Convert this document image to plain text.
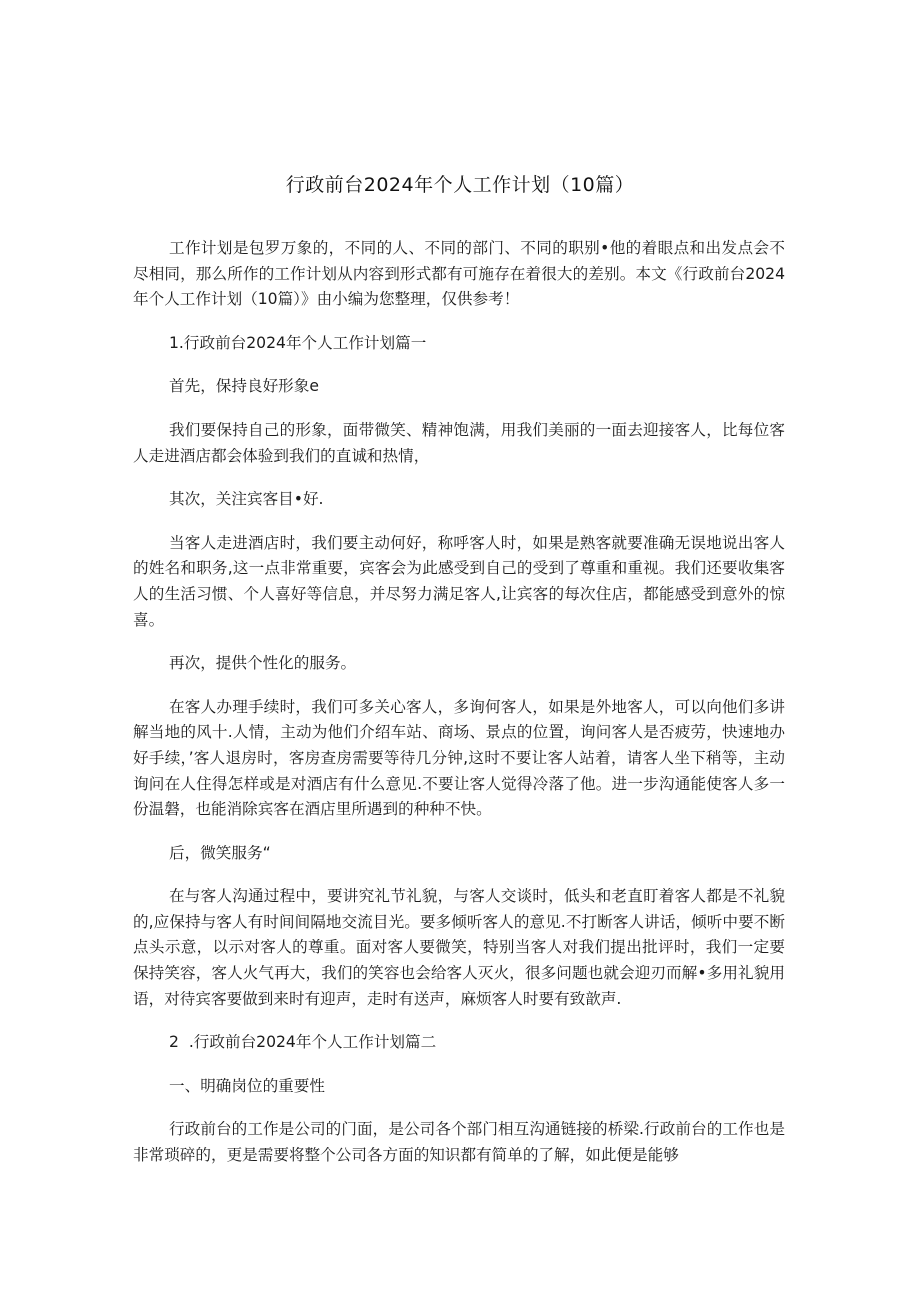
行政前台2024年个人工作计划（10篇）

工作计划是包罗万象的，不同的人、不同的部门、不同的职别•他的着眼点和出发点会不尽相同，那么所作的工作计划从内容到形式都有可施存在着很大的差别。本文《行政前台2024年个人工作计划（10篇）》由小编为您整理，仅供参考！

1.行政前台2024年个人工作计划篇一

首先，保持良好形象e

我们要保持自己的形象，面带微笑、精神饱满，用我们美丽的一面去迎接客人，比每位客人走进酒店都会体验到我们的直诚和热情，

其次，关注宾客目•好.

当客人走进酒店时，我们要主动何好，称呼客人时，如果是熟客就要准确无误地说出客人的姓名和职务,这一点非常重要，宾客会为此感受到自己的受到了尊重和重视。我们还要收集客人的生活习惯、个人喜好等信息，并尽努力满足客人,让宾客的每次住店，都能感受到意外的惊喜。

再次，提供个性化的服务。

在客人办理手续时，我们可多关心客人，多询何客人，如果是外地客人，可以向他们多讲解当地的风十.人情，主动为他们介绍车站、商场、景点的位置，询问客人是否疲劳，快速地办好手续，’客人退房时，客房查房需要等待几分钟,这时不要让客人站着，请客人坐下稍等，主动询问在人住得怎样或是对酒店有什么意见.不要让客人觉得冷落了他。进一步沟通能使客人多一份温磐，也能消除宾客在酒店里所遇到的种种不快。

后，微笑服务“

在与客人沟通过程中，要讲究礼节礼貌，与客人交谈时，低头和老直盯着客人都是不礼貌的,应保持与客人有时间间隔地交流目光。要多倾听客人的意见.不打断客人讲话，倾听中要不断点头示意，以示对客人的尊重。面对客人要微笑，特别当客人对我们提出批评时，我们一定要保持笑容，客人火气再大，我们的笑容也会给客人灭火，很多问题也就会迎刃而解•多用礼貌用语，对待宾客要做到来时有迎声，走时有送声，麻烦客人时要有致歆声.

2  .行政前台2024年个人工作计划篇二

一、明确岗位的重要性

行政前台的工作是公司的门面，是公司各个部门相互沟通链接的桥梁.行政前台的工作也是非常琐碎的，更是需要将整个公司各方面的知识都有简单的了解，如此便是能够
